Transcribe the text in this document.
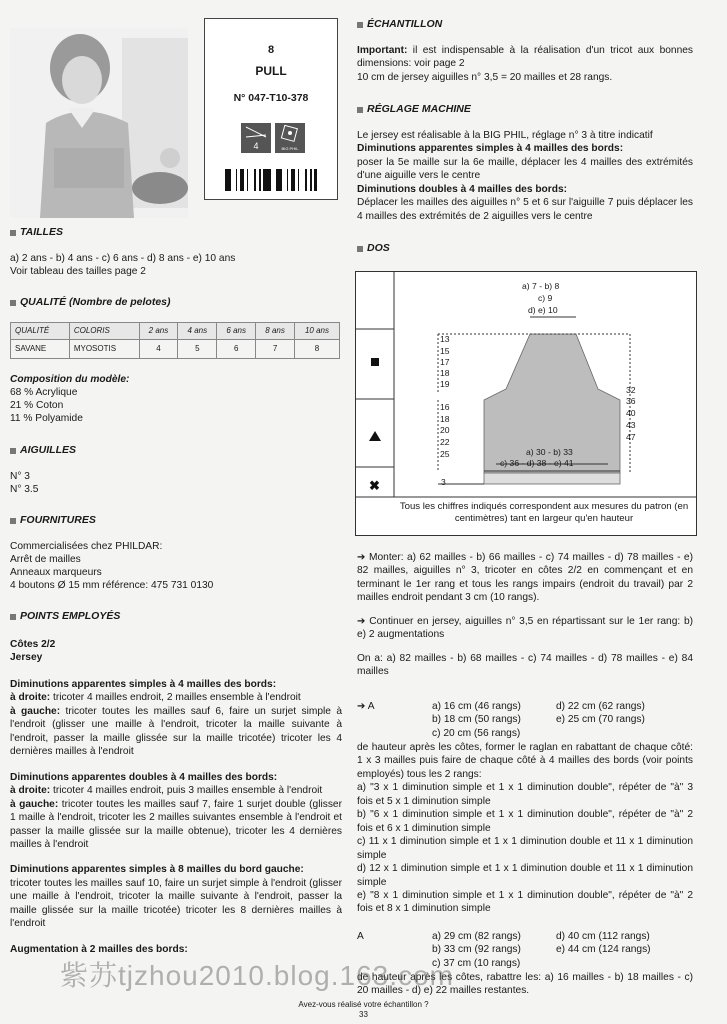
8
PULL
N° 047-T10-378
4	BIG PHIL
TAILLES

a) 2 ans - b) 4 ans - c) 6 ans - d) 8 ans - e) 10 ans

Voir tableau des tailles page 2

QUALITÉ (Nombre de pelotes)
QUALITÉ	COLORIS	2 ans	4 ans	6 ans	8 ans	10 ans
SAVANE	MYOSOTIS	4	5	6	7	8

Composition du modèle:

68 % Acrylique

21 % Coton

11 % Polyamide

AIGUILLES

N° 3

N° 3.5

FOURNITURES

Commercialisées chez PHILDAR:

Arrêt de mailles

Anneaux marqueurs

4 boutons Ø 15 mm référence: 475 731 0130

POINTS EMPLOYÉS

Côtes 2/2

Jersey

Diminutions apparentes simples à 4 mailles des bords:

à droite: tricoter 4 mailles endroit, 2 mailles ensemble à l'endroit

à gauche: tricoter toutes les mailles sauf 6, faire un surjet simple à l'endroit (glisser une maille à l'endroit, tricoter la maille suivante à l'endroit, passer la maille glissée sur la maille tricotée) tricoter les 4 dernières mailles à l'endroit

Diminutions apparentes doubles à 4 mailles des bords:

à droite: tricoter 4 mailles endroit, puis 3 mailles ensemble à l'endroit

à gauche: tricoter toutes les mailles sauf 7, faire 1 surjet double (glisser 1 maille à l'endroit, tricoter les 2 mailles suivantes ensemble à l'endroit et passer la maille glissée sur la maille obtenue), tricoter les 4 dernières mailles à l'endroit

Diminutions apparentes simples à 8 mailles du bord gauche:

tricoter toutes les mailles sauf 10, faire un surjet simple à l'endroit (glisser une maille à l'endroit, tricoter la maille suivante à l'endroit, passer la maille glissée sur la maille tricotée) tricoter les 8 dernières mailles à l'endroit

Augmentation à 2 mailles des bords:

ÉCHANTILLON

Important: il est indispensable à la réalisation d'un tricot aux bonnes dimensions: voir page 2

10 cm de jersey aiguilles n° 3,5 = 20 mailles et 28 rangs.

RÉGLAGE MACHINE

Le jersey est réalisable à la BIG PHIL, réglage n° 3 à titre indicatif

Diminutions apparentes simples à 4 mailles des bords:

poser la 5e maille sur la 6e maille, déplacer les 4 mailles des extrémités d'une aiguille vers le centre

Diminutions doubles à 4 mailles des bords:

Déplacer les mailles des aiguilles n° 5 et 6 sur l'aiguille 7 puis déplacer les 4 mailles des extrémités de 2 aiguilles vers le centre

DOS
✖
a) 7 - b) 8
c) 9
d) e) 10
13
15
17
18
19
16
18
20
22
25
32
36
40
43
47
a) 30 - b) 33
c) 36 - d) 38 - e) 41
3
Tous les chiffres indiqués correspondent aux mesures du patron (en centimètres) tant en largeur qu'en hauteur

➔ Monter: a) 62 mailles - b) 66 mailles - c) 74 mailles - d) 78 mailles - e) 82 mailles, aiguilles n° 3, tricoter en côtes 2/2 en commençant et en terminant le 1er rang et tous les rangs impairs (endroit du travail) par 2 mailles endroit pendant 3 cm (10 rangs).

➔ Continuer en jersey, aiguilles n° 3,5 en répartissant sur le 1er rang: b) e) 2 augmentations

On a: a) 82 mailles - b) 68 mailles - c) 74 mailles - d) 78 mailles - e) 84 mailles

➔ A	a) 16 cm (46 rangs)

b) 18 cm (50 rangs)

c) 20 cm (56 rangs)

d) 22 cm (62 rangs)

e) 25 cm (70 rangs)

de hauteur après les côtes, former le raglan en rabattant de chaque côté: 1 x 3 mailles puis faire de chaque côté à 4 mailles des bords (voir points employés) tous les 2 rangs:

a) "3 x 1 diminution simple et 1 x 1 diminution double", répéter de "à" 3 fois et 5 x 1 diminution simple

b) "6 x 1 diminution simple et 1 x 1 diminution double", répéter de "à" 2 fois et 6 x 1 diminution simple

c) 11 x 1 diminution simple et 1 x 1 diminution double et 11 x 1 diminution simple

d) 12 x 1 diminution simple et 1 x 1 diminution double et 11 x 1 diminution simple

e) "8 x 1 diminution simple et 1 x 1 diminution double", répéter de "à" 2 fois et 8 x 1 diminution simple

A	a) 29 cm (82 rangs)

b) 33 cm (92 rangs)

c) 37 cm (10 rangs)

d) 40 cm (112 rangs)

e) 44 cm (124 rangs)

de hauteur après les côtes, rabattre les: a) 16 mailles - b) 18 mailles - c) 20 mailles - d) e) 22 mailles restantes.

紫苏tjzhou2010.blog.163.com
Avez-vous réalisé votre échantillon ?
33
